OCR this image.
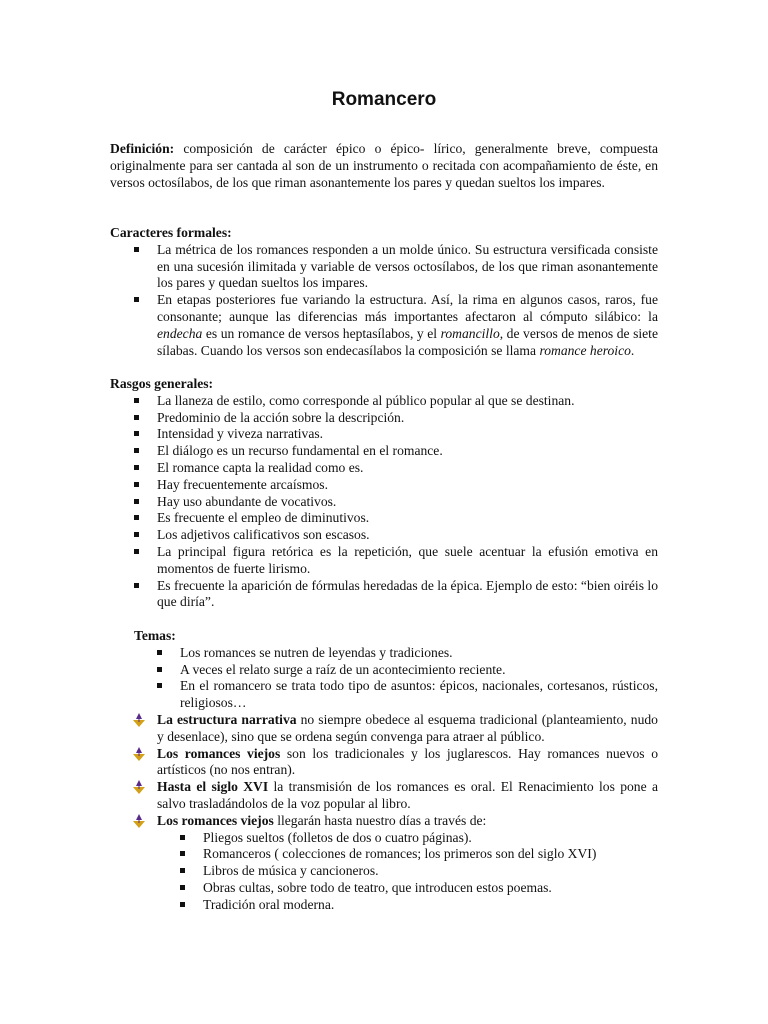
Romancero
Definición: composición de carácter épico o épico- lírico, generalmente breve, compuesta originalmente para ser cantada al son de un instrumento o recitada con acompañamiento de éste, en versos octosílabos, de los que riman asonantemente los pares y quedan sueltos los impares.
Caracteres formales:
La métrica de los romances responden a un molde único. Su estructura versificada consiste en una sucesión ilimitada y variable de versos octosílabos, de los que riman asonantemente los pares y quedan sueltos los impares.
En etapas posteriores fue variando la estructura. Así, la rima en algunos casos, raros, fue consonante; aunque las diferencias más importantes afectaron al cómputo silábico: la endecha es un romance de versos heptasílabos, y el romancillo, de versos de menos de siete sílabas. Cuando los versos son endecasílabos la composición se llama romance heroico.
Rasgos generales:
La llaneza de estilo, como corresponde al público popular al que se destinan.
Predominio de la acción sobre la descripción.
Intensidad y viveza narrativas.
El diálogo es un recurso fundamental en el romance.
El romance capta la realidad como es.
Hay frecuentemente arcaísmos.
Hay uso abundante de vocativos.
Es frecuente el empleo de diminutivos.
Los adjetivos calificativos son escasos.
La principal figura retórica es la repetición, que suele acentuar la efusión emotiva en momentos de fuerte lirismo.
Es frecuente la aparición de fórmulas heredadas de la épica. Ejemplo de esto: “bien oiréis lo que diría”.
Temas:
Los romances se nutren de leyendas y tradiciones.
A veces el relato surge a raíz de un acontecimiento reciente.
En el romancero se trata todo tipo de asuntos: épicos, nacionales, cortesanos, rústicos, religiosos…
La estructura narrativa no siempre obedece al esquema tradicional (planteamiento, nudo y desenlace), sino que se ordena según convenga para atraer al público.
Los romances viejos son los tradicionales y los juglarescos. Hay romances nuevos o artísticos (no nos entran).
Hasta el siglo XVI la transmisión de los romances es oral. El Renacimiento los pone a salvo trasladándolos de la voz popular al libro.
Los romances viejos llegarán hasta nuestro días a través de:
Pliegos sueltos (folletos de dos o cuatro páginas).
Romanceros ( colecciones de romances; los primeros son del siglo XVI)
Libros de música y cancioneros.
Obras cultas, sobre todo de teatro, que introducen estos poemas.
Tradición oral moderna.
